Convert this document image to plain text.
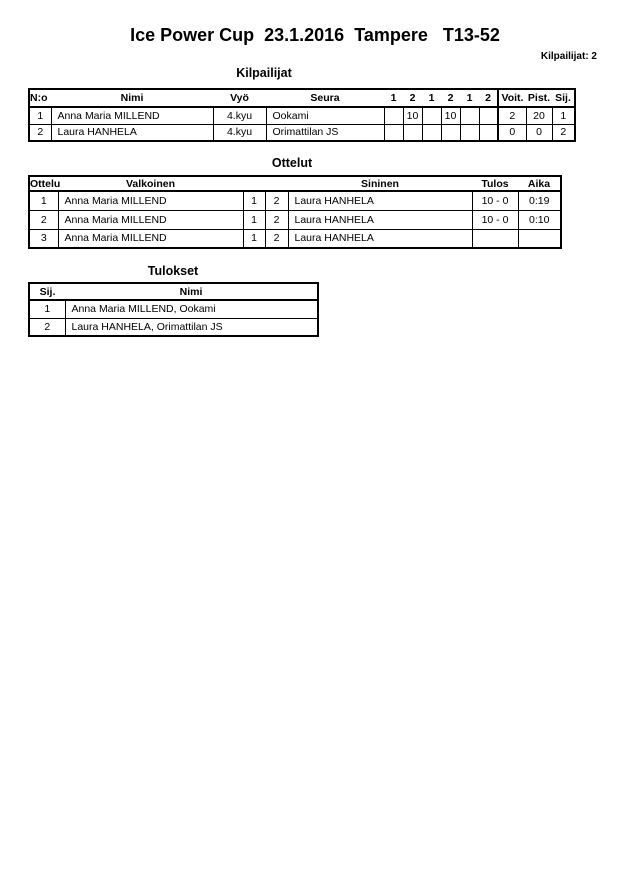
Ice Power Cup  23.1.2016  Tampere   T13-52
Kilpailijat: 2
Kilpailijat
N:o	Nimi	Vyö	Seura	1	2	1	2	1	2	Voit.	Pist.	Sij.
1	Anna Maria MILLEND	4.kyu	Ookami		10		10			2	20	1
2	Laura HANHELA	4.kyu	Orimattilan JS							0	0	2
Ottelut
Ottelu	Valkoinen			Sininen	Tulos	Aika
1	Anna Maria MILLEND	1	2	Laura HANHELA	10 - 0	0:19
2	Anna Maria MILLEND	1	2	Laura HANHELA	10 - 0	0:10
3	Anna Maria MILLEND	1	2	Laura HANHELA		
Tulokset
Sij.	Nimi
1	Anna Maria MILLEND, Ookami
2	Laura HANHELA, Orimattilan JS
